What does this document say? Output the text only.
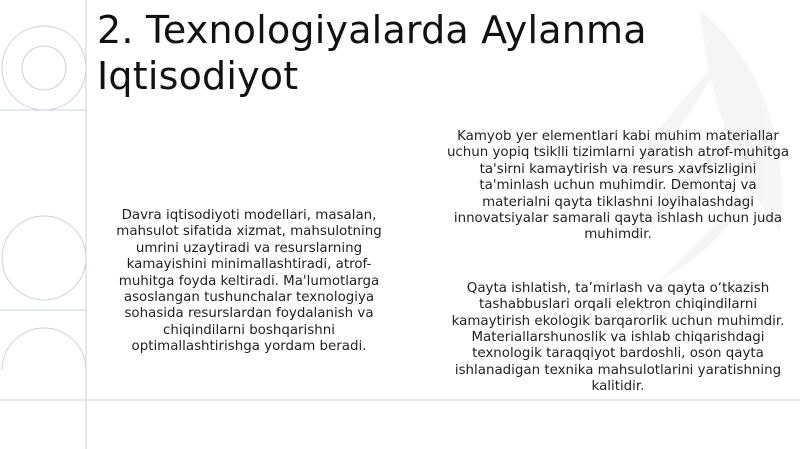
2. Texnologiyalarda Aylanma Iqtisodiyot

Davra iqtisodiyoti modellari, masalan, mahsulot sifatida xizmat, mahsulotning umrini uzaytiradi va resurslarning kamayishini minimallashtiradi, atrof-muhitga foyda keltiradi. Ma'lumotlarga asoslangan tushunchalar texnologiya sohasida resurslardan foydalanish va chiqindilarni boshqarishni optimallashtirishga yordam beradi.

Kamyob yer elementlari kabi muhim materiallar uchun yopiq tsiklli tizimlarni yaratish atrof-muhitga ta'sirni kamaytirish va resurs xavfsizligini ta'minlash uchun muhimdir. Demontaj va materialni qayta tiklashni loyihalashdagi innovatsiyalar samarali qayta ishlash uchun juda muhimdir.

Qayta ishlatish, ta’mirlash va qayta o‘tkazish tashabbuslari orqali elektron chiqindilarni kamaytirish ekologik barqarorlik uchun muhimdir. Materiallarshunoslik va ishlab chiqarishdagi texnologik taraqqiyot bardoshli, oson qayta ishlanadigan texnika mahsulotlarini yaratishning kalitidir.
